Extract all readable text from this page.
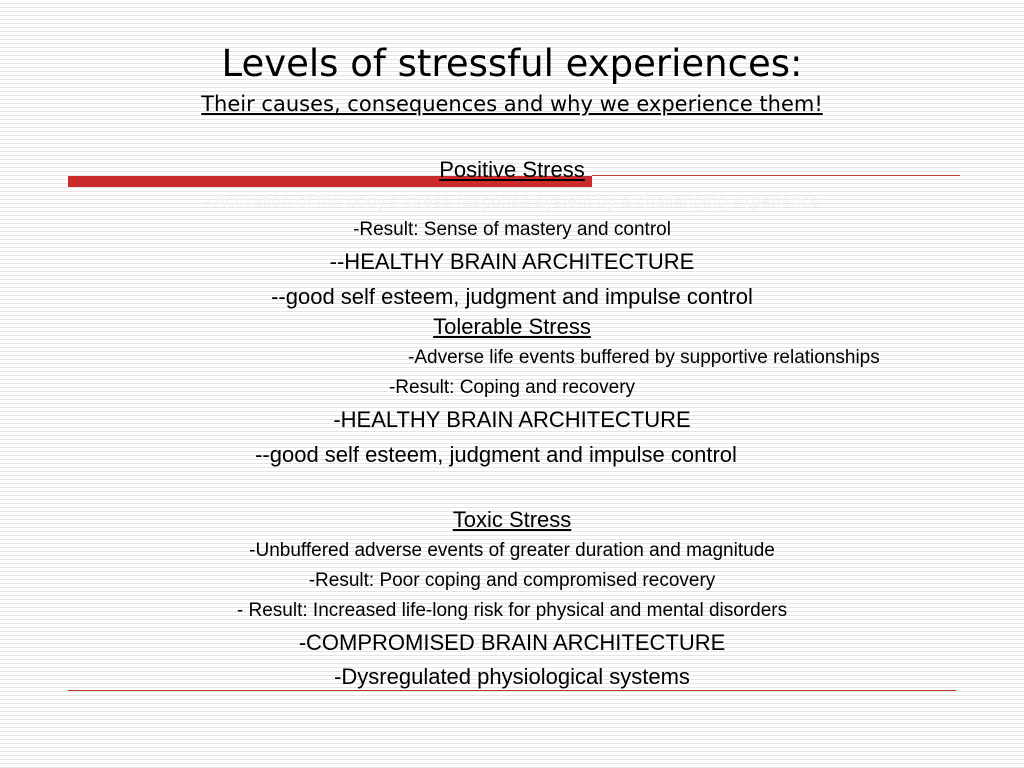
Levels of stressful experiences:
Their causes, consequences and why we experience them!
Positive Stress
- Activation of the body's stress response system by a challenging experience
-Result: Sense of mastery and control
--HEALTHY BRAIN ARCHITECTURE
--good self esteem, judgment and impulse control
Tolerable Stress
-Adverse life events buffered by supportive relationships
-Result: Coping and recovery
-HEALTHY BRAIN ARCHITECTURE
--good self esteem, judgment and impulse control
Toxic Stress
-Unbuffered adverse events of greater duration and magnitude
-Result: Poor coping and compromised recovery
- Result: Increased life-long risk for physical and mental disorders
-COMPROMISED BRAIN ARCHITECTURE
-Dysregulated physiological systems
